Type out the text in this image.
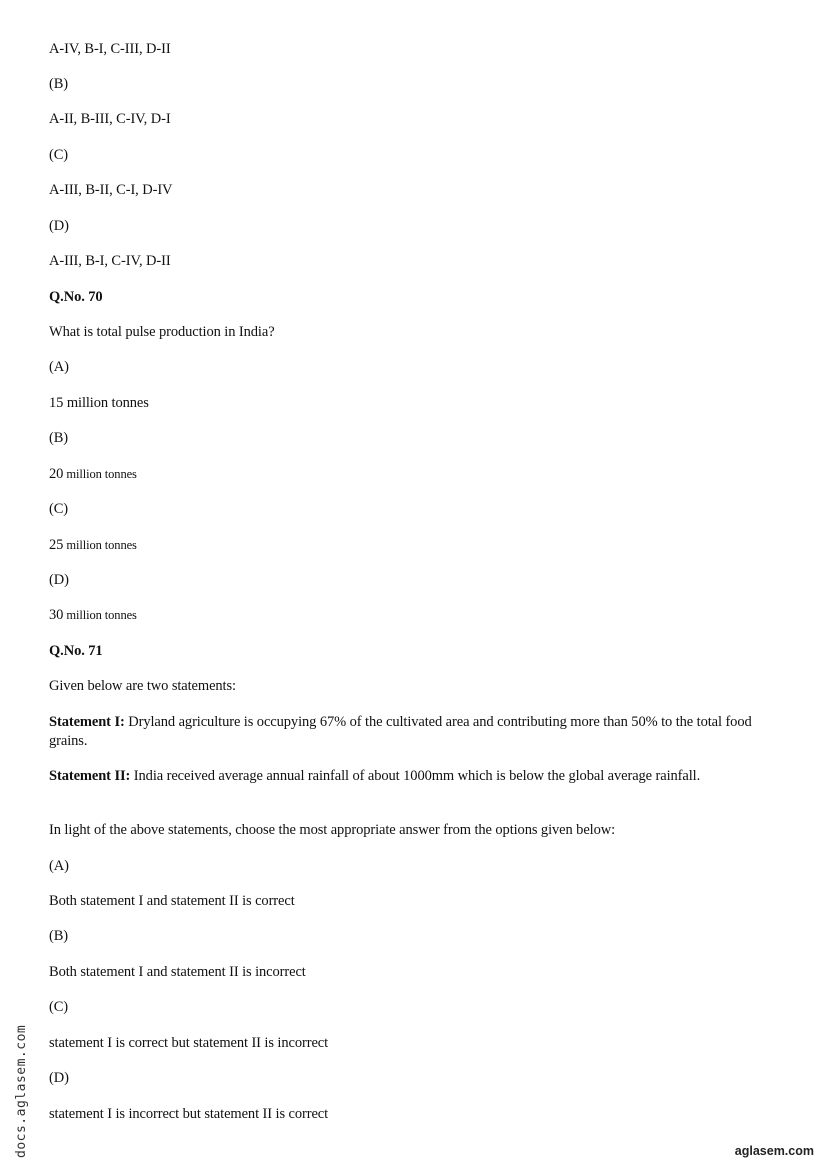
A-IV, B-I, C-III, D-II
(B)
A-II, B-III, C-IV, D-I
(C)
A-III, B-II, C-I, D-IV
(D)
A-III, B-I, C-IV, D-II
Q.No. 70
What is total pulse production in India?
(A)
15 million tonnes
(B)
20 million tonnes
(C)
25 million tonnes
(D)
30 million tonnes
Q.No. 71
Given below are two statements:
Statement I: Dryland agriculture is occupying 67% of the cultivated area and contributing more than 50% to the total food grains.
Statement II: India received average annual rainfall of about 1000mm which is below the global average rainfall.
In light of the above statements, choose the most appropriate answer from the options given below:
(A)
Both statement I and statement II is correct
(B)
Both statement I and statement II is incorrect
(C)
statement I is correct but statement II is incorrect
(D)
statement I is incorrect but statement II is correct
docs.aglasem.com	aglasem.com
